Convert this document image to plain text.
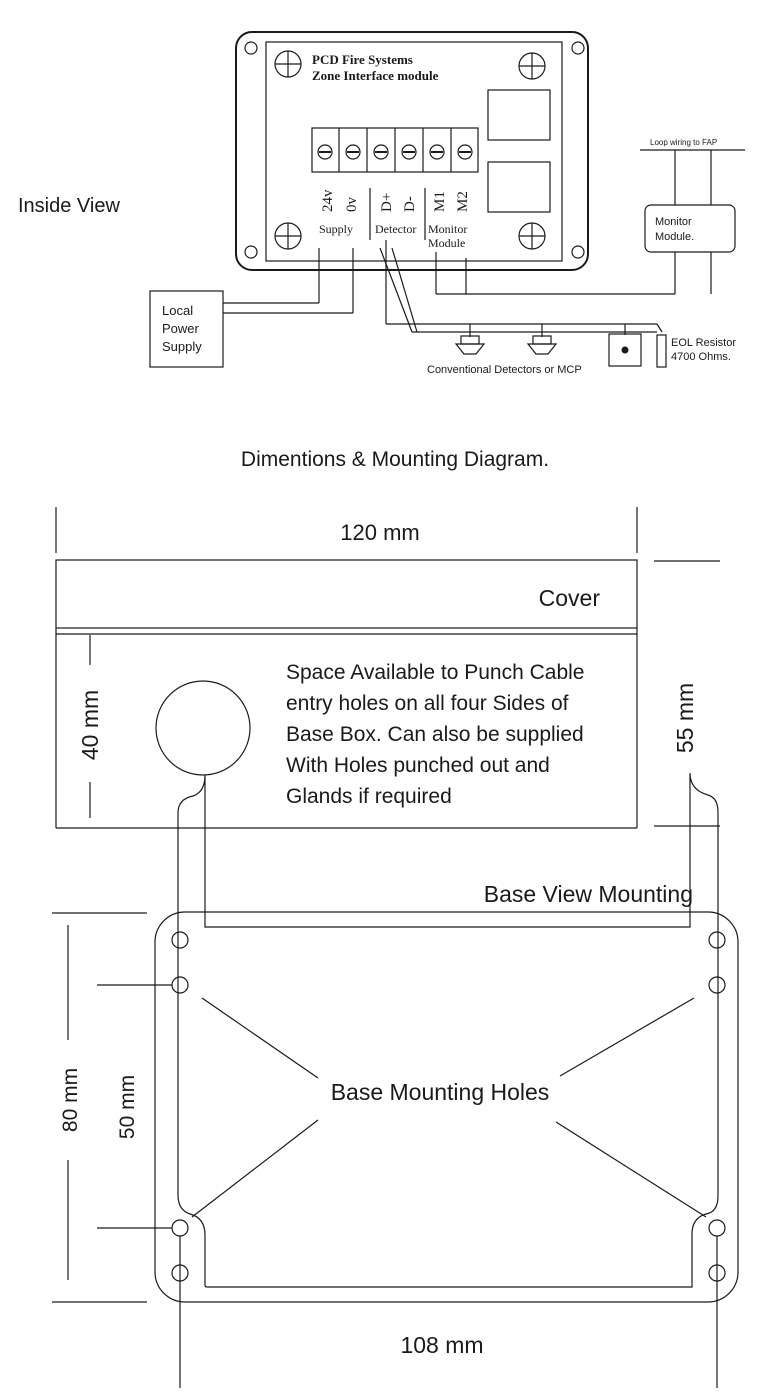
Inside View
PCD Fire Systems
Zone Interface module
24v 0v D+ D- M1 M2
Supply Detector Monitor
Module
Local
Power
Supply
Conventional Detectors or MCP
EOL Resistor
4700 Ohms.
Loop wiring to FAP
Monitor
Module.
Dimentions & Mounting Diagram.
120 mm
Cover
40 mm
Space Available to Punch Cable
entry holes on all four Sides of
Base Box. Can also be supplied
With Holes punched out and
Glands if required
55 mm
Base View Mounting
Base Mounting Holes
80 mm 50 mm
108 mm
